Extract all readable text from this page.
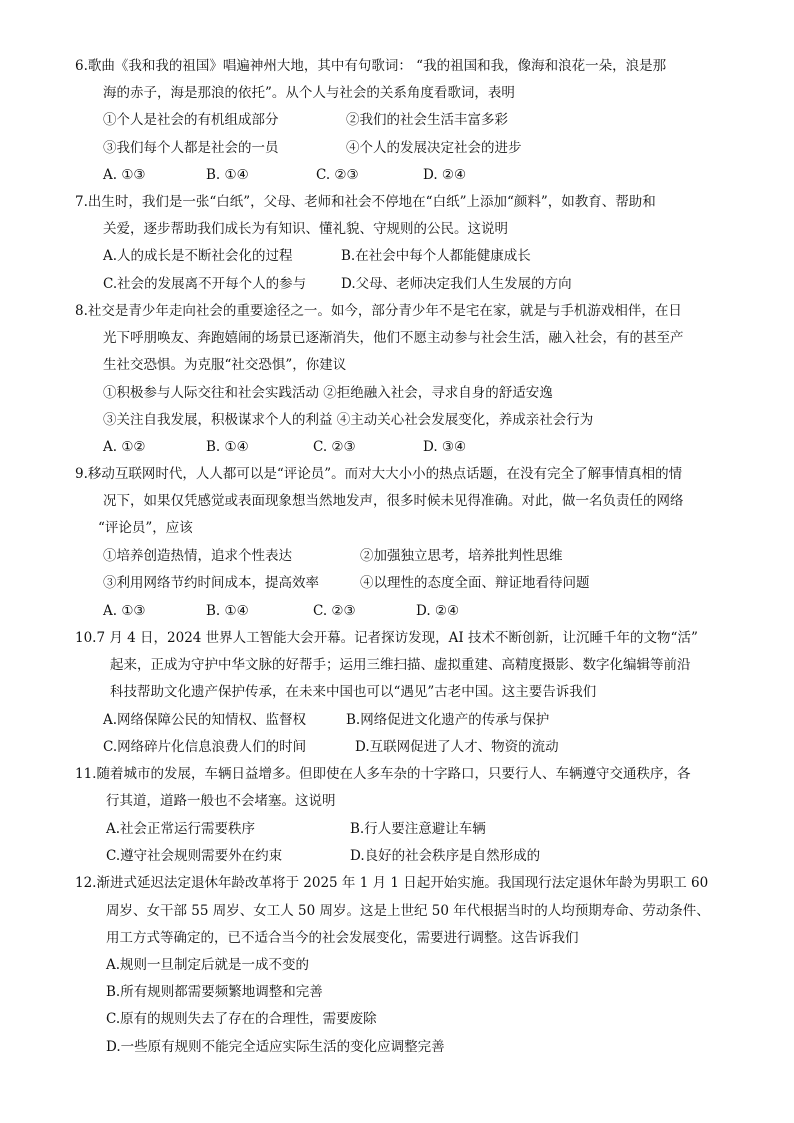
6.歌曲《我和我的祖国》唱遍神州大地，其中有句歌词： “我的祖国和我，像海和浪花一朵，浪是那
海的赤子，海是那浪的依托”。从个人与社会的关系角度看歌词，表明
①个人是社会的有机组成部分	②我们的社会生活丰富多彩
③我们每个人都是社会的一员	④个人的发展决定社会的进步
A. ①③	B. ①④	C. ②③	D. ②④
7.出生时，我们是一张“白纸”，父母、老师和社会不停地在“白纸”上添加“颜料”，如教育、帮助和
关爱，逐步帮助我们成长为有知识、懂礼貌、守规则的公民。这说明
A.人的成长是不断社会化的过程	B.在社会中每个人都能健康成长
C.社会的发展离不开每个人的参与	D.父母、老师决定我们人生发展的方向
8.社交是青少年走向社会的重要途径之一。如今，部分青少年不是宅在家，就是与手机游戏相伴，在日
光下呼朋唤友、奔跑嬉闹的场景已逐渐消失，他们不愿主动参与社会生活，融入社会，有的甚至产
生社交恐惧。为克服“社交恐惧”，你建议
①积极参与人际交往和社会实践活动 ②拒绝融入社会，寻求自身的舒适安逸
③关注自我发展，积极谋求个人的利益 ④主动关心社会发展变化，养成亲社会行为
A. ①②	B. ①④	C. ②③	D. ③④
9.移动互联网时代，人人都可以是“评论员”。而对大大小小的热点话题，在没有完全了解事情真相的情
况下，如果仅凭感觉或表面现象想当然地发声，很多时候未见得准确。对此，做一名负责任的网络
“评论员”，应该
①培养创造热情，追求个性表达	②加强独立思考，培养批判性思维
③利用网络节约时间成本，提高效率	④以理性的态度全面、辩证地看待问题
A. ①③	B. ①④	C. ②③	D. ②④
10.7 月 4 日，2024 世界人工智能大会开幕。记者探访发现，AI 技术不断创新，让沉睡千年的文物“活”
起来，正成为守护中华文脉的好帮手；运用三维扫描、虚拟重建、高精度摄影、数字化编辑等前沿
科技帮助文化遗产保护传承，在未来中国也可以“遇见”古老中国。这主要告诉我们
A.网络保障公民的知情权、监督权	B.网络促进文化遗产的传承与保护
C.网络碎片化信息浪费人们的时间	D.互联网促进了人才、物资的流动
11.随着城市的发展，车辆日益增多。但即使在人多车杂的十字路口，只要行人、车辆遵守交通秩序，各
行其道，道路一般也不会堵塞。这说明
A.社会正常运行需要秩序	B.行人要注意避让车辆
C.遵守社会规则需要外在约束	D.良好的社会秩序是自然形成的
12.渐进式延迟法定退休年龄改革将于 2025 年 1 月 1 日起开始实施。我国现行法定退休年龄为男职工 60
周岁、女干部 55 周岁、女工人 50 周岁。这是上世纪 50 年代根据当时的人均预期寿命、劳动条件、
用工方式等确定的，已不适合当今的社会发展变化，需要进行调整。这告诉我们
A.规则一旦制定后就是一成不变的
B.所有规则都需要频繁地调整和完善
C.原有的规则失去了存在的合理性，需要废除
D.一些原有规则不能完全适应实际生活的变化应调整完善
